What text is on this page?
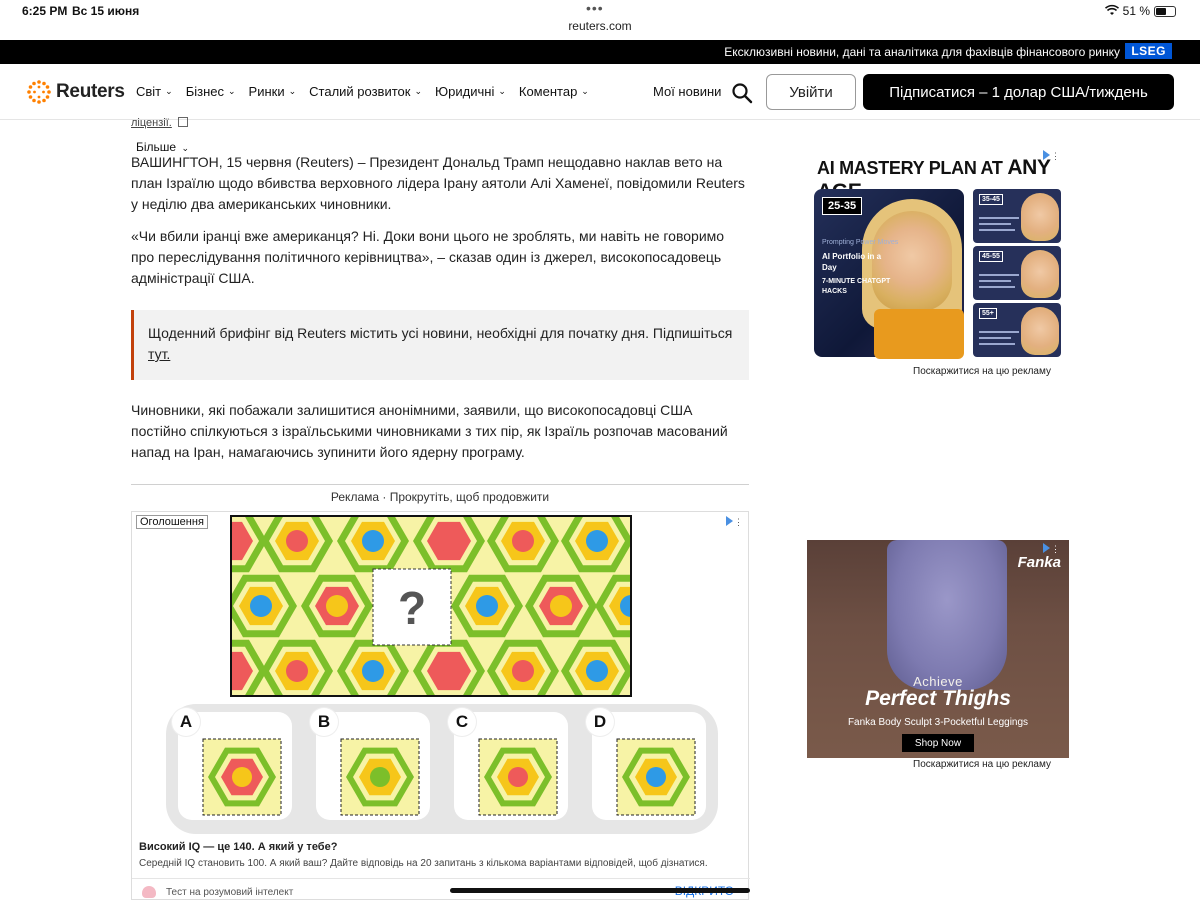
6:25 PM Вс 15 июня	•••
reuters.com
51 %
Ексклюзивні новини, дані та аналітика для фахівців фінансового ринку LSEG
Reuters Світ ⌄ Бізнес ⌄ Ринки ⌄ Сталий розвиток ⌄ Юридичні ⌄ Коментар ⌄	Мої новини	Увійти	Підписатися – 1 долар США/тиждень
ліцензії.
Більше ⌄

ВАШИНГТОН, 15 червня (Reuters) – Президент Дональд Трамп нещодавно наклав вето на план Ізраїлю щодо вбивства верховного лідера Ірану аятоли Алі Хаменеї, повідомили Reuters у неділю два американських чиновники.

«Чи вбили іранці вже американця? Ні. Доки вони цього не зроблять, ми навіть не говоримо про переслідування політичного керівництва», – сказав один із джерел, високопосадовець адміністрації США.

Щоденний брифінг від Reuters містить усі новини, необхідні для початку дня. Підпишіться тут.

Чиновники, які побажали залишитися анонімними, заявили, що високопосадовці США постійно спілкуються з ізраїльськими чиновниками з тих пір, як Ізраїль розпочав масований напад на Іран, намагаючись зупинити його ядерну програму.

Реклама · Прокрутіть, щоб продовжити
Оголошення	⋮
?
A	B	C	D
Високий IQ — це 140. А який у тебе?
Середній IQ становить 100. А який ваш? Дайте відповідь на 20 запитань з кількома варіантами відповідей, щоб дізнатися.
Тест на розумовий інтелект
AI MASTERY PLAN AT ANY ⋮
25-35
Prompting Power Moves
AI Portfolio in a Day
7-MINUTE CHATGPT HACKS
35-45
45-55
55+
Поскаржитися на цю рекламу
⋮
Fanka
Achieve
Perfect Thighs
Fanka Body Sculpt 3-Pocketful Leggings
Shop Now
Поскаржитися на цю рекламу
